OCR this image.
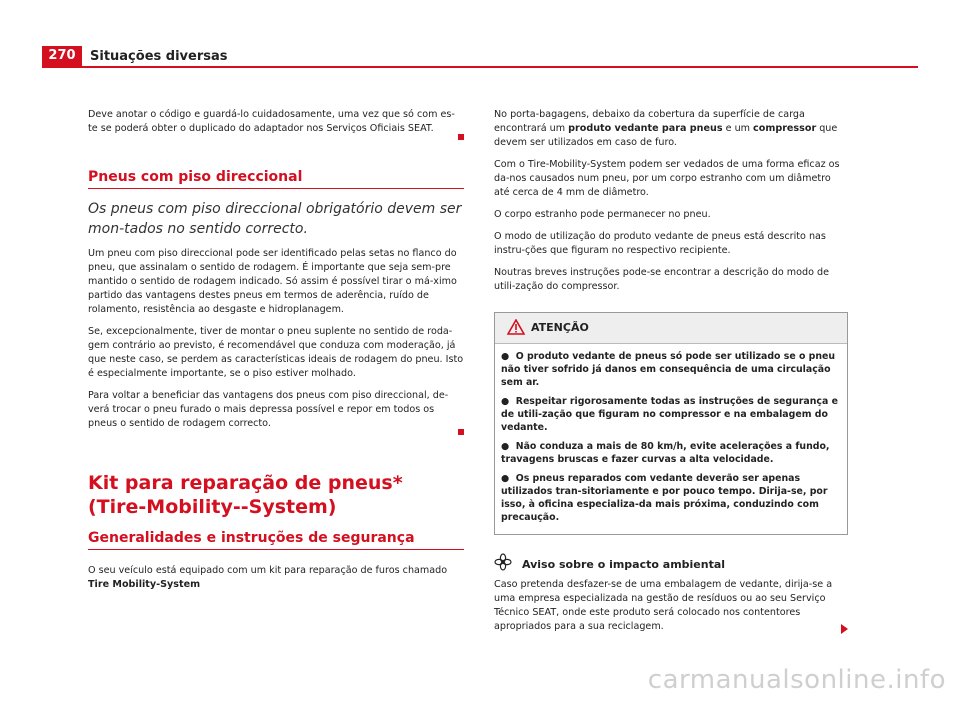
270	Situações diversas

Deve anotar o código e guardá-lo cuidadosamente, uma vez que só com es-te se poderá obter o duplicado do adaptador nos Serviços Oficiais SEAT.

Pneus com piso direccional
Os pneus com piso direccional obrigatório devem ser mon-tados no sentido correcto.

Um pneu com piso direccional pode ser identificado pelas setas no flanco do pneu, que assinalam o sentido de rodagem. É importante que seja sem-pre mantido o sentido de rodagem indicado. Só assim é possível tirar o má-ximo partido das vantagens destes pneus em termos de aderência, ruído de rolamento, resistência ao desgaste e hidroplanagem.

Se, excepcionalmente, tiver de montar o pneu suplente no sentido de roda-gem contrário ao previsto, é recomendável que conduza com moderação, já que neste caso, se perdem as características ideais de rodagem do pneu. Isto é especialmente importante, se o piso estiver molhado.

Para voltar a beneficiar das vantagens dos pneus com piso direccional, de-verá trocar o pneu furado o mais depressa possível e repor em todos os pneus o sentido de rodagem correcto.

Kit para reparação de pneus* (Tire-Mobility--System)
Generalidades e instruções de segurança

O seu veículo está equipado com um kit para reparação de furos chamado
Tire Mobility-System

No porta-bagagens, debaixo da cobertura da superfície de carga encontrará um produto vedante para pneus e um compressor que devem ser utilizados em caso de furo.

Com o Tire-Mobility-System podem ser vedados de uma forma eficaz os da-nos causados num pneu, por um corpo estranho com um diâmetro até cerca de 4 mm de diâmetro.

O corpo estranho pode permanecer no pneu.

O modo de utilização do produto vedante de pneus está descrito nas instru-ções que figuram no respectivo recipiente.

Noutras breves instruções pode-se encontrar a descrição do modo de utili-zação do compressor.

ATENÇÃO
●  O produto vedante de pneus só pode ser utilizado se o pneu não tiver sofrido já danos em consequência de uma circulação sem ar.
●  Respeitar rigorosamente todas as instruções de segurança e de utili-zação que figuram no compressor e na embalagem do vedante.
●  Não conduza a mais de 80 km/h, evite acelerações a fundo, travagens bruscas e fazer curvas a alta velocidade.
●  Os pneus reparados com vedante deverão ser apenas utilizados tran-sitoriamente e por pouco tempo. Dirija-se, por isso, à oficina especializa-da mais próxima, conduzindo com precaução.
Aviso sobre o impacto ambiental

Caso pretenda desfazer-se de uma embalagem de vedante, dirija-se a uma empresa especializada na gestão de resíduos ou ao seu Serviço Técnico SEAT, onde este produto será colocado nos contentores apropriados para a sua reciclagem.

carmanualsonline.info
